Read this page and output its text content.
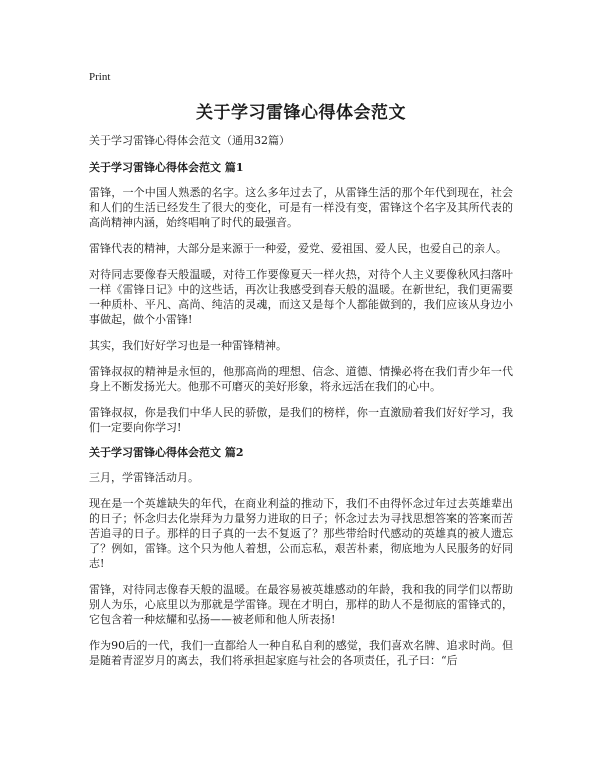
Print
关于学习雷锋心得体会范文

关于学习雷锋心得体会范文（通用32篇）

关于学习雷锋心得体会范文 篇1

雷锋，一个中国人熟悉的名字。这么多年过去了，从雷锋生活的那个年代到现在，社会和人们的生活已经发生了很大的变化，可是有一样没有变，雷锋这个名字及其所代表的高尚精神内涵，始终唱响了时代的最强音。

雷锋代表的精神，大部分是来源于一种爱，爱党、爱祖国、爱人民，也爱自己的亲人。

对待同志要像春天般温暖，对待工作要像夏天一样火热，对待个人主义要像秋风扫落叶一样《雷锋日记》中的这些话，再次让我感受到春天般的温暖。在新世纪，我们更需要一种质朴、平凡、高尚、纯洁的灵魂，而这又是每个人都能做到的，我们应该从身边小事做起，做个小雷锋!

其实，我们好好学习也是一种雷锋精神。

雷锋叔叔的精神是永恒的，他那高尚的理想、信念、道德、情操必将在我们青少年一代身上不断发扬光大。他那不可磨灭的美好形象，将永远活在我们的心中。

雷锋叔叔，你是我们中华人民的骄傲，是我们的榜样，你一直激励着我们好好学习，我们一定要向你学习!

关于学习雷锋心得体会范文 篇2

三月，学雷锋活动月。

现在是一个英雄缺失的年代，在商业利益的推动下，我们不由得怀念过年过去英雄辈出的日子；怀念归去化崇拜为力量努力进取的日子；怀念过去为寻找思想答案的答案而苦苦追寻的日子。那样的日子真的一去不复返了？那些带给时代感动的英雄真的被人遗忘了？例如，雷锋。这个只为他人着想，公而忘私，艰苦朴素，彻底地为人民服务的好同志!

雷锋，对待同志像春天般的温暖。在最容易被英雄感动的年龄，我和我的同学们以帮助别人为乐，心底里以为那就是学雷锋。现在才明白，那样的助人不是彻底的雷锋式的，它包含着一种炫耀和弘扬——被老师和他人所表扬!

作为90后的一代，我们一直都给人一种自私自利的感觉，我们喜欢名牌、追求时尚。但是随着青涩岁月的离去，我们将承担起家庭与社会的各项责任，孔子曰：“后
